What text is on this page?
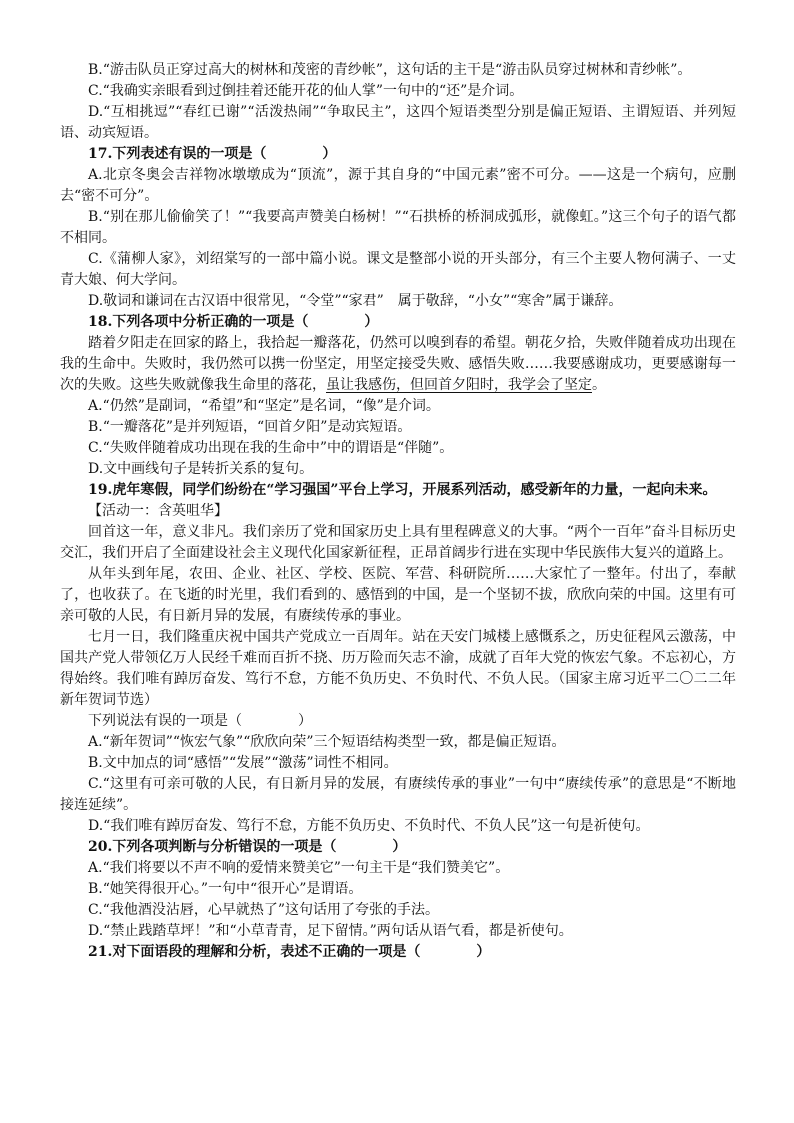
B.“游击队员正穿过高大的树林和茂密的青纱帐”，这句话的主干是“游击队员穿过树林和青纱帐”。

C.“我确实亲眼看到过倒挂着还能开花的仙人掌”一句中的“还”是介词。

D.“互相挑逗”“春红已谢”“活泼热闹”“争取民主”，这四个短语类型分别是偏正短语、主谓短语、并列短语、动宾短语。

17.下列表述有误的一项是（　　　　）

A.北京冬奥会吉祥物冰墩墩成为“顶流”，源于其自身的“中国元素”密不可分。——这是一个病句，应删去“密不可分”。

B.“别在那儿偷偷笑了！”“我要高声赞美白杨树！”“石拱桥的桥洞成弧形，就像虹。”这三个句子的语气都不相同。

C.《蒲柳人家》，刘绍棠写的一部中篇小说。课文是整部小说的开头部分，有三个主要人物何满子、一丈青大娘、何大学问。

D.敬词和谦词在古汉语中很常见，“令堂”“家君”　属于敬辞，“小女”“寒舍”属于谦辞。

18.下列各项中分析正确的一项是（　　　　）

踏着夕阳走在回家的路上，我拾起一瓣落花，仍然可以嗅到春的希望。朝花夕拾，失败伴随着成功出现在我的生命中。失败时，我仍然可以携一份坚定，用坚定接受失败、感悟失败……我要感谢成功，更要感谢每一次的失败。这些失败就像我生命里的落花，虽让我感伤，但回首夕阳时，我学会了坚定。

A.“仍然”是副词，“希望”和“坚定”是名词，“像”是介词。

B.“一瓣落花”是并列短语，“回首夕阳”是动宾短语。

C.“失败伴随着成功出现在我的生命中”中的谓语是“伴随”。

D.文中画线句子是转折关系的复句。

19.虎年寒假，同学们纷纷在“学习强国”平台上学习，开展系列活动，感受新年的力量，一起向未来。

【活动一：含英咀华】

回首这一年，意义非凡。我们亲历了党和国家历史上具有里程碑意义的大事。“两个一百年”奋斗目标历史交汇，我们开启了全面建设社会主义现代化国家新征程，正昂首阔步行进在实现中华民族伟大复兴的道路上。

从年头到年尾，农田、企业、社区、学校、医院、军营、科研院所……大家忙了一整年。付出了，奉献了，也收获了。在飞逝的时光里，我们看到的、感悟到的中国，是一个坚韧不拔，欣欣向荣的中国。这里有可亲可敬的人民，有日新月异的发展，有赓续传承的事业。

七月一日，我们隆重庆祝中国共产党成立一百周年。站在天安门城楼上感慨系之，历史征程风云激荡，中国共产党人带领亿万人民经千难而百折不挠、历万险而矢志不渝，成就了百年大党的恢宏气象。不忘初心，方得始终。我们唯有踔厉奋发、笃行不怠，方能不负历史、不负时代、不负人民。（国家主席习近平二〇二二年新年贺词节选）

下列说法有误的一项是（　　　　）

A.“新年贺词”“恢宏气象”“欣欣向荣”三个短语结构类型一致，都是偏正短语。

B.文中加点的词“感悟”“发展”“激荡”词性不相同。

C.“这里有可亲可敬的人民，有日新月异的发展，有赓续传承的事业”一句中“赓续传承”的意思是“不断地接连延续”。

D.“我们唯有踔厉奋发、笃行不怠，方能不负历史、不负时代、不负人民”这一句是祈使句。

20.下列各项判断与分析错误的一项是（　　　　）

A.“我们将要以不声不响的爱情来赞美它”一句主干是“我们赞美它”。

B.“她笑得很开心。”一句中“很开心”是谓语。

C.“我他酒没沾唇，心早就热了”这句话用了夸张的手法。

D.“禁止践踏草坪！”和“小草青青，足下留情。”两句话从语气看，都是祈使句。

21.对下面语段的理解和分析，表述不正确的一项是（　　　　）
